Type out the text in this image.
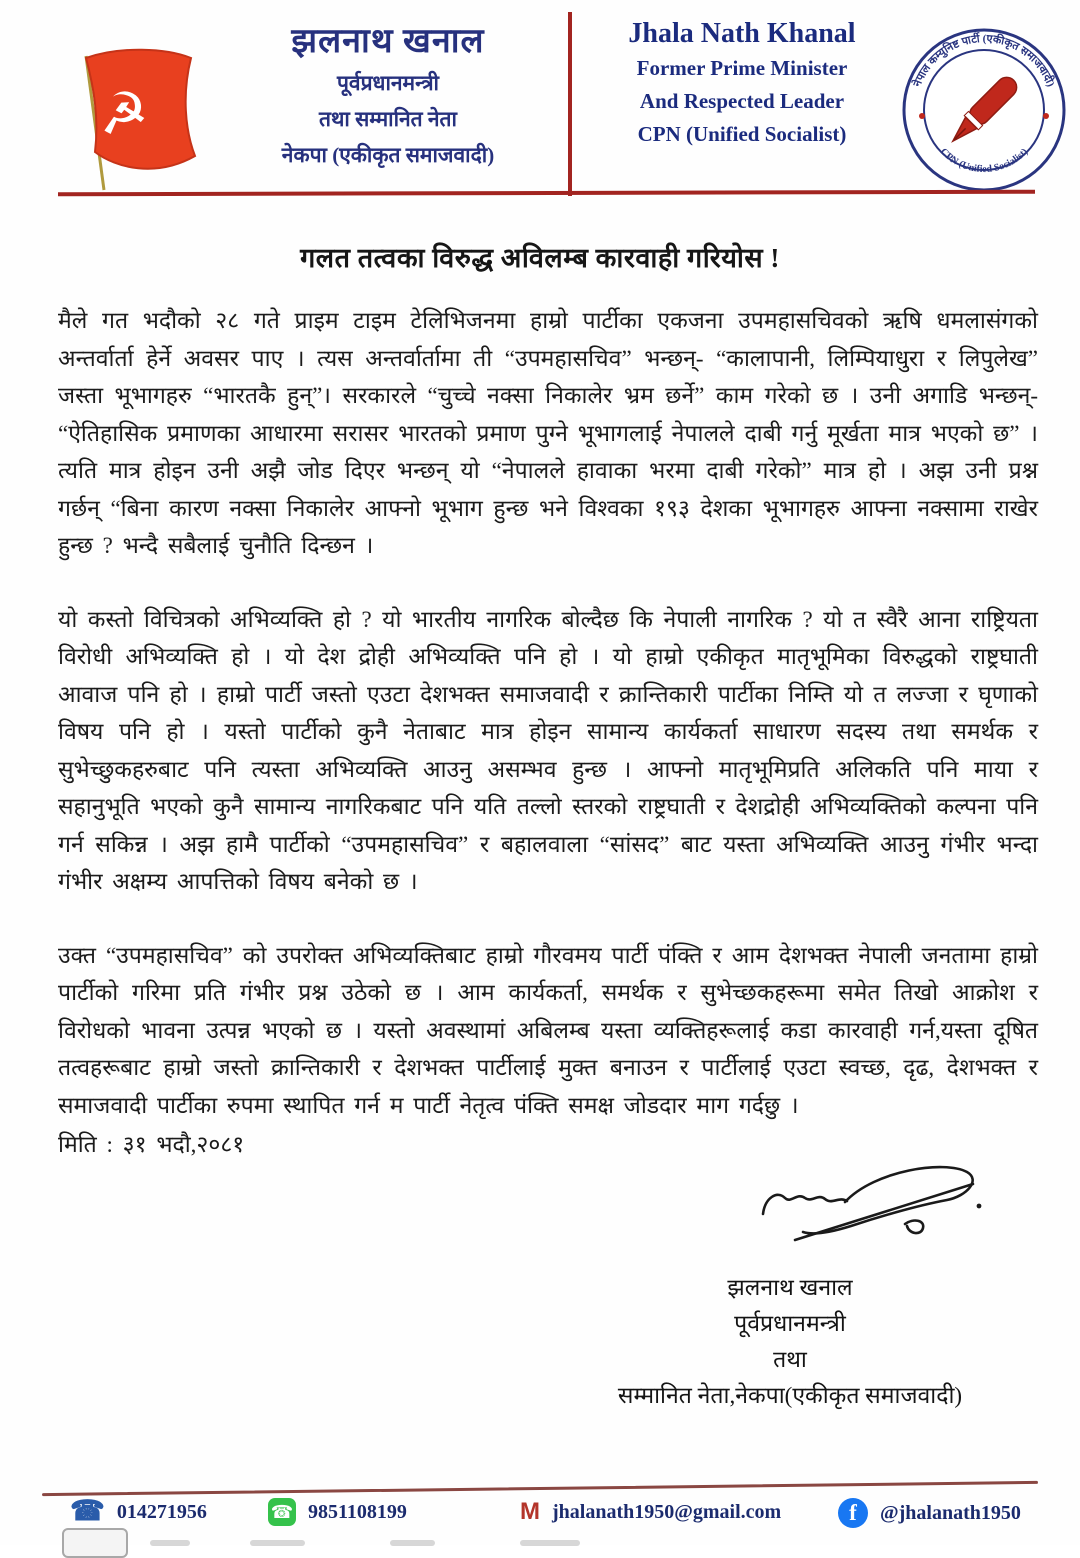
☭
झलनाथ खनाल
पूर्वप्रधानमन्त्री
तथा सम्मानित नेता
नेकपा (एकीकृत समाजवादी)
Jhala Nath Khanal
Former Prime Minister
And Respected Leader
CPN (Unified Socialist)
नेपाल कम्युनिष्ट पार्टी (एकीकृत समाजवादी)
CPN (Unified Socialist)
गलत तत्वका विरुद्ध अविलम्ब कारवाही गरियोस !

मैले गत भदौको २८ गते प्राइम टाइम टेलिभिजनमा हाम्रो पार्टीका एकजना उपमहासचिवको ऋषि धमलासंगको अन्तर्वार्ता हेर्ने अवसर पाए । त्यस अन्तर्वार्तामा ती “उपमहासचिव” भन्छन्- “कालापानी, लिम्पियाधुरा र लिपुलेख” जस्ता भूभागहरु “भारतकै हुन्”। सरकारले “चुच्चे नक्सा निकालेर भ्रम छर्ने” काम गरेको छ । उनी अगाडि भन्छन्- “ऐतिहासिक प्रमाणका आधारमा सरासर भारतको प्रमाण पुग्ने भूभागलाई नेपालले दाबी गर्नु मूर्खता मात्र भएको छ” । त्यति मात्र होइन उनी अझै जोड दिएर भन्छन् यो “नेपालले हावाका भरमा दाबी गरेको” मात्र हो । अझ उनी प्रश्न गर्छन् “बिना कारण नक्सा निकालेर आफ्नो भूभाग हुन्छ भने विश्वका १९३ देशका भूभागहरु आफ्ना नक्सामा राखेर हुन्छ ? भन्दै सबैलाई चुनौति दिन्छन ।

यो कस्तो विचित्रको अभिव्यक्ति हो ? यो भारतीय नागरिक बोल्दैछ कि नेपाली नागरिक ? यो त स्वैरै आना राष्ट्रियता विरोधी अभिव्यक्ति हो । यो देश द्रोही अभिव्यक्ति पनि हो । यो हाम्रो एकीकृत मातृभूमिका विरुद्धको राष्ट्रघाती आवाज पनि हो । हाम्रो पार्टी जस्तो एउटा देशभक्त समाजवादी र क्रान्तिकारी पार्टीका निम्ति यो त लज्जा र घृणाको विषय पनि हो । यस्तो पार्टीको कुनै नेताबाट मात्र होइन सामान्य कार्यकर्ता साधारण सदस्य तथा समर्थक र सुभेच्छुकहरुबाट पनि त्यस्ता अभिव्यक्ति आउनु असम्भव हुन्छ । आफ्नो मातृभूमिप्रति अलिकति पनि माया र सहानुभूति भएको कुनै सामान्य नागरिकबाट पनि यति तल्लो स्तरको राष्ट्रघाती र देशद्रोही अभिव्यक्तिको कल्पना पनि गर्न सकिन्न । अझ हामै पार्टीको “उपमहासचिव” र बहालवाला “सांसद” बाट यस्ता अभिव्यक्ति आउनु गंभीर भन्दा गंभीर अक्षम्य आपत्तिको विषय बनेको छ ।

उक्त “उपमहासचिव” को उपरोक्त अभिव्यक्तिबाट हाम्रो गौरवमय पार्टी पंक्ति र आम देशभक्त नेपाली जनतामा हाम्रो पार्टीको गरिमा प्रति गंभीर प्रश्न उठेको छ । आम कार्यकर्ता, समर्थक र सुभेच्छकहरूमा समेत तिखो आक्रोश र विरोधको भावना उत्पन्न भएको छ । यस्तो अवस्थामां अबिलम्ब यस्ता व्यक्तिहरूलाई कडा कारवाही गर्न,यस्ता दूषित तत्वहरूबाट हाम्रो जस्तो क्रान्तिकारी र देशभक्त पार्टीलाई मुक्त बनाउन र पार्टीलाई एउटा स्वच्छ, दृढ, देशभक्त र समाजवादी पार्टीका रुपमा स्थापित गर्न म पार्टी नेतृत्व पंक्ति समक्ष जोडदार माग गर्दछु ।

मिति : ३१ भदौ,२०८१
झलनाथ खनाल
पूर्वप्रधानमन्त्री
तथा
सम्मानित नेता,नेकपा(एकीकृत समाजवादी)
☎ 014271956	☎ 9851108199	M jhalanath1950@gmail.com	f	@jhalanath1950
